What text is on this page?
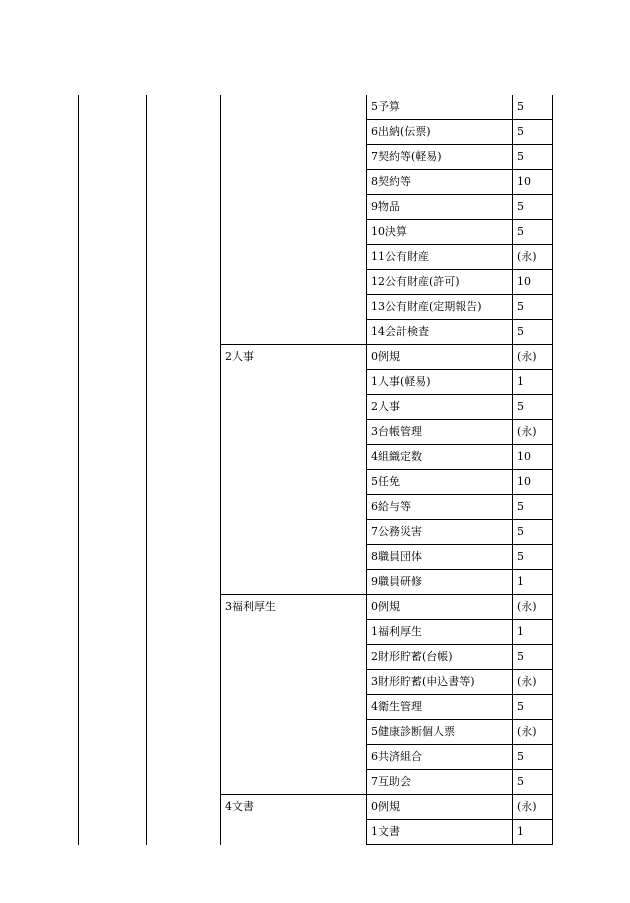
	5予算	5
			6出納(伝票)	5
			7契約等(軽易)	5
			8契約等	10
			9物品	5
			10決算	5
			11公有財産	(永)
			12公有財産(許可)	10
			13公有財産(定期報告)	5
			14会計検査	5

		2人事	0例規	(永)
			1人事(軽易)	1
			2人事	5
			3台帳管理	(永)
			4組織定数	10
			5任免	10
			6給与等	5
			7公務災害	5
			8職員団体	5
			9職員研修	1

		3福利厚生	0例規	(永)
			1福利厚生	1
			2財形貯蓄(台帳)	5
			3財形貯蓄(申込書等)	(永)
			4衛生管理	5
			5健康診断個人票	(永)
			6共済組合	5
			7互助会	5

		4文書	0例規	(永)
			1文書	1
